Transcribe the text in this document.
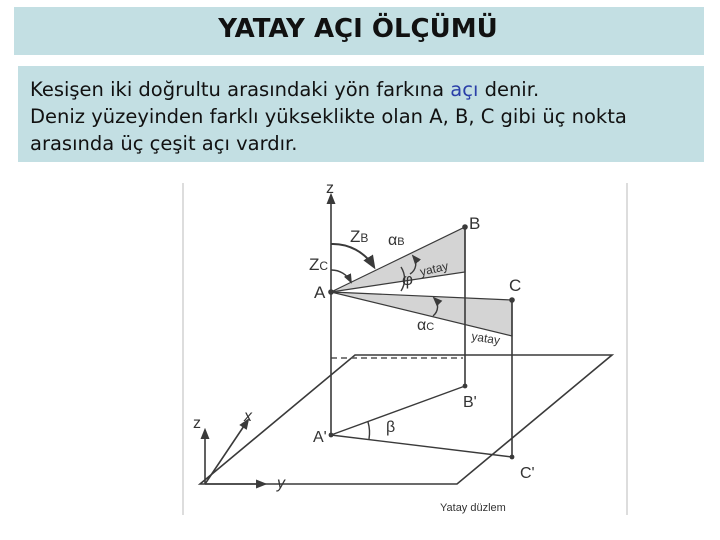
YATAY AÇI ÖLÇÜMÜ

Kesişen iki doğrultu arasındaki yön farkına açı denir.

Deniz yüzeyinden farklı yükseklikte olan A, B, C gibi üç nokta

arasında üç çeşit açı vardır.

z
B
C
A
ZB
ZC
αB
φ
yatay
αC
yatay
B'
A'
β
C'
Yatay düzlem
z	x
y
